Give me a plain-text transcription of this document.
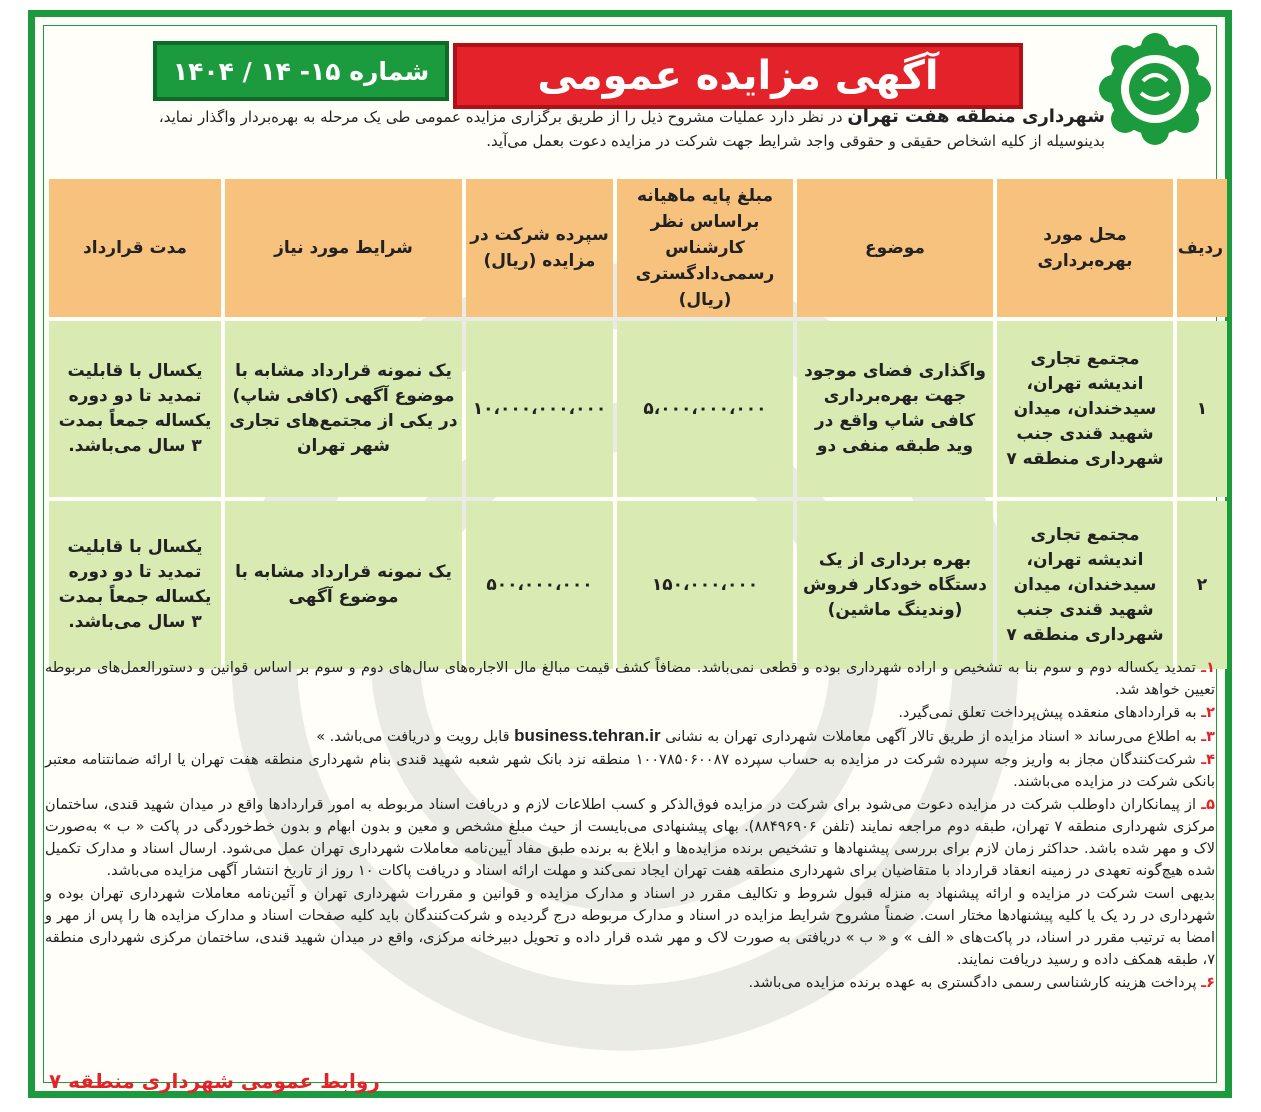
آگهی مزایده عمومی
شماره ۱۵- ۱۴ / ۱۴۰۴
شهرداری منطقه هفت تهران در نظر دارد عملیات مشروح ذیل را از طریق برگزاری مزایده عمومی طی یک مرحله به بهره‌بردار واگذار نماید،
بدینوسیله از کلیه اشخاص حقیقی و حقوقی واجد شرایط جهت شرکت در مزایده دعوت بعمل می‌آید.
ردیف	محل مورد بهره‌برداری	موضوع	مبلغ پایه ماهیانه براساس نظر کارشناس رسمی‌دادگستری (ریال)	سپرده شرکت در مزایده (ریال)	شرایط مورد نیاز	مدت قرارداد
۱	مجتمع تجاری اندیشه تهران، سیدخندان، میدان شهید قندی جنب شهرداری منطقه ۷	واگذاری فضای موجود جهت بهره‌برداری کافی شاپ واقع در وید طبقه منفی دو	۵،۰۰۰،۰۰۰،۰۰۰	۱۰،۰۰۰،۰۰۰،۰۰۰	یک نمونه قرارداد مشابه با موضوع آگهی (کافی شاپ) در یکی از مجتمع‌های تجاری شهر تهران	یکسال با قابلیت تمدید تا دو دوره یکساله جمعاً بمدت ۳ سال می‌باشد.
۲	مجتمع تجاری اندیشه تهران، سیدخندان، میدان شهید قندی جنب شهرداری منطقه ۷	بهره برداری از یک دستگاه خودکار فروش (وندینگ ماشین)	۱۵۰،۰۰۰،۰۰۰	۵۰۰،۰۰۰،۰۰۰	یک نمونه قرارداد مشابه با موضوع آگهی	یکسال با قابلیت تمدید تا دو دوره یکساله جمعاً بمدت ۳ سال می‌باشد.

۱ـ تمدید یکساله دوم و سوم بنا به تشخیص و اراده شهرداری بوده و قطعی نمی‌باشد. مضافاً کشف قیمت مبالغ مال الاجاره‌های سال‌های دوم و سوم بر اساس قوانین و دستورالعمل‌های مربوطه تعیین خواهد شد.

۲ـ به قراردادهای منعقده پیش‌پرداخت تعلق نمی‌گیرد.

۳ـ به اطلاع می‌رساند « اسناد مزایده از طریق تالار آگهی معاملات شهرداری تهران به نشانی business.tehran.ir قابل رویت و دریافت می‌باشد. »

۴ـ شرکت‌کنندگان مجاز به واریز وجه سپرده شرکت در مزایده به حساب سپرده ۱۰۰۷۸۵۰۶۰۰۸۷ منطقه نزد بانک شهر شعبه شهید قندی بنام شهرداری منطقه هفت تهران یا ارائه ضمانتنامه معتبر بانکی شرکت در مزایده می‌باشند.

۵ـ از پیمانکاران داوطلب شرکت در مزایده دعوت می‌شود برای شرکت در مزایده فوق‌الذکر و کسب اطلاعات لازم و دریافت اسناد مربوطه به امور قراردادها واقع در میدان شهید قندی، ساختمان مرکزی شهرداری منطقه ۷ تهران، طبقه دوم مراجعه نمایند (تلفن ۸۸۴۹۶۹۰۶). بهای پیشنهادی می‌بایست از حیث مبلغ مشخص و معین و بدون ابهام و بدون خط‌خوردگی در پاکت « ب » به‌صورت لاک و مهر شده باشد. حداکثر زمان لازم برای بررسی پیشنهادها و تشخیص برنده مزایده‌ها و ابلاغ به برنده طبق مفاد آیین‌نامه معاملات شهرداری تهران عمل می‌شود. ارسال اسناد و مدارک تکمیل شده هیچ‌گونه تعهدی در زمینه انعقاد قرارداد با متقاضیان برای شهرداری منطقه هفت تهران ایجاد نمی‌کند و مهلت ارائه اسناد و دریافت پاکات ۱۰ روز از تاریخ انتشار آگهی مزایده می‌باشد.

بدیهی است شرکت در مزایده و ارائه پیشنهاد به منزله قبول شروط و تکالیف مقرر در اسناد و مدارک مزایده و قوانین و مقررات شهرداری تهران و آئین‌نامه معاملات شهرداری تهران بوده و شهرداری در رد یک یا کلیه پیشنهادها مختار است. ضمناً مشروح شرایط مزایده در اسناد و مدارک مربوطه درج گردیده و شرکت‌کنندگان باید کلیه صفحات اسناد و مدارک مزایده ها را پس از مهر و امضا به ترتیب مقرر در اسناد، در پاکت‌های « الف » و « ب » دریافتی به صورت لاک و مهر شده قرار داده و تحویل دبیرخانه مرکزی، واقع در میدان شهید قندی، ساختمان مرکزی شهرداری منطقه ۷، طبقه همکف داده و رسید دریافت نمایند.

۶ـ پرداخت هزینه کارشناسی رسمی دادگستری به عهده برنده مزایده می‌باشد.

روابط عمومی شهرداری منطقه ۷
